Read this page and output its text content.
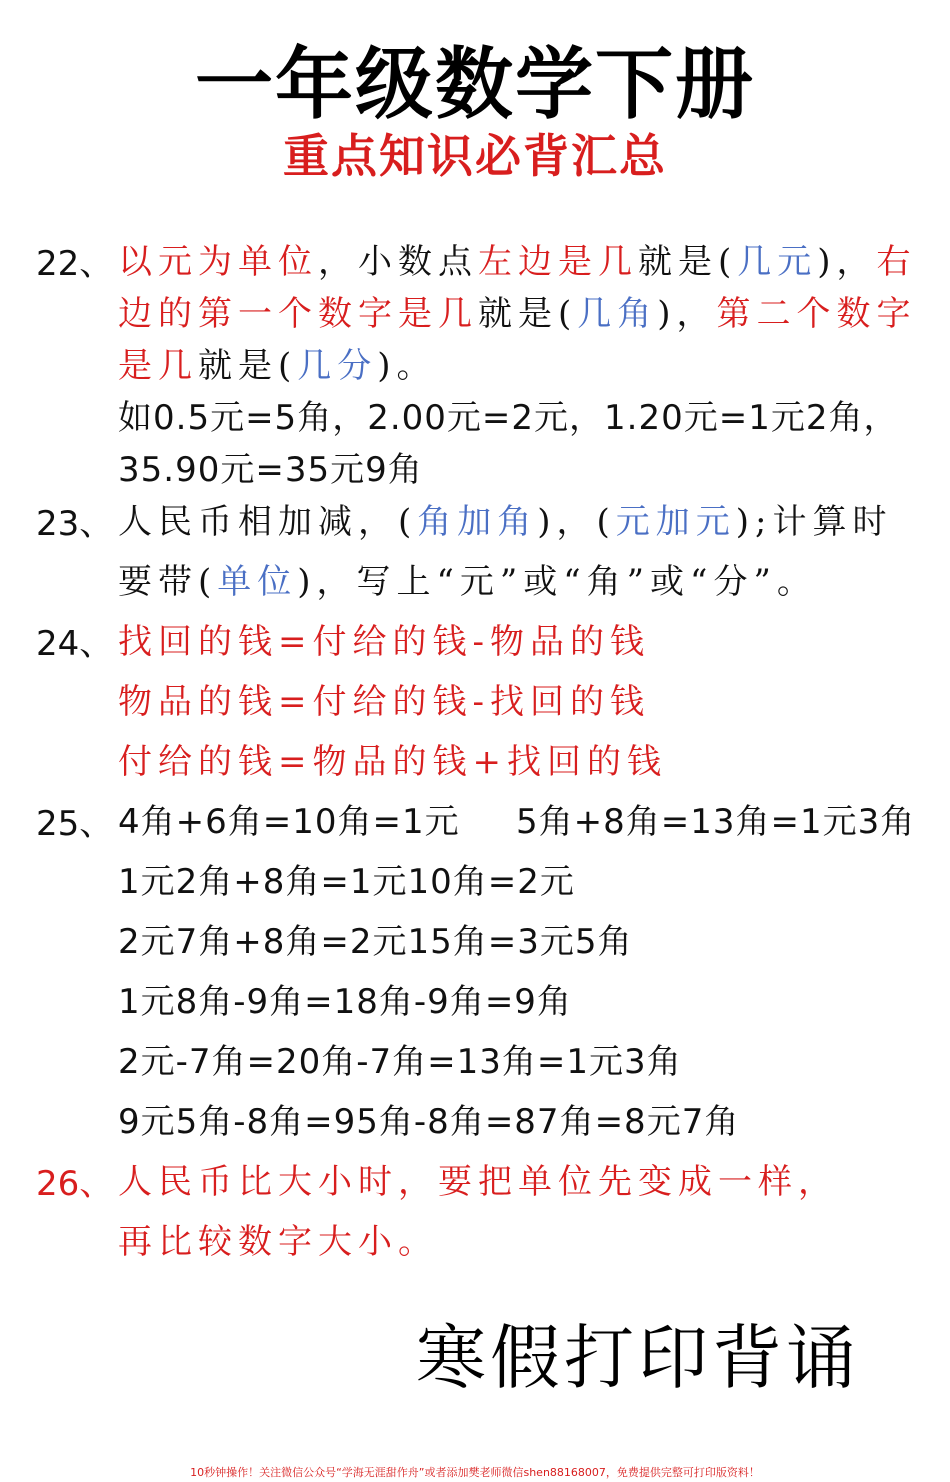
一年级数学下册
重点知识必背汇总
22、 以元为单位，小数点左边是几就是(几元)，右
边的第一个数字是几就是(几角)，第二个数字
是几就是(几分)。
如0.5元=5角，2.00元=2元，1.20元=1元2角，
35.90元=35元9角
23、 人民币相加减，(角加角)，(元加元);计算时
要带(单位)，写上“元”或“角”或“分”。
24、 找回的钱=付给的钱-物品的钱
物品的钱=付给的钱-找回的钱
付给的钱=物品的钱+找回的钱
25、 4角+6角=10角=1元 5角+8角=13角=1元3角
1元2角+8角=1元10角=2元
2元7角+8角=2元15角=3元5角
1元8角-9角=18角-9角=9角
2元-7角=20角-7角=13角=1元3角
9元5角-8角=95角-8角=87角=8元7角
26、 人民币比大小时，要把单位先变成一样，
再比较数字大小。
寒假打印背诵
10秒钟操作！关注微信公众号“学海无涯甜作舟”或者添加樊老师微信shen88168007，免费提供完整可打印版资料！
